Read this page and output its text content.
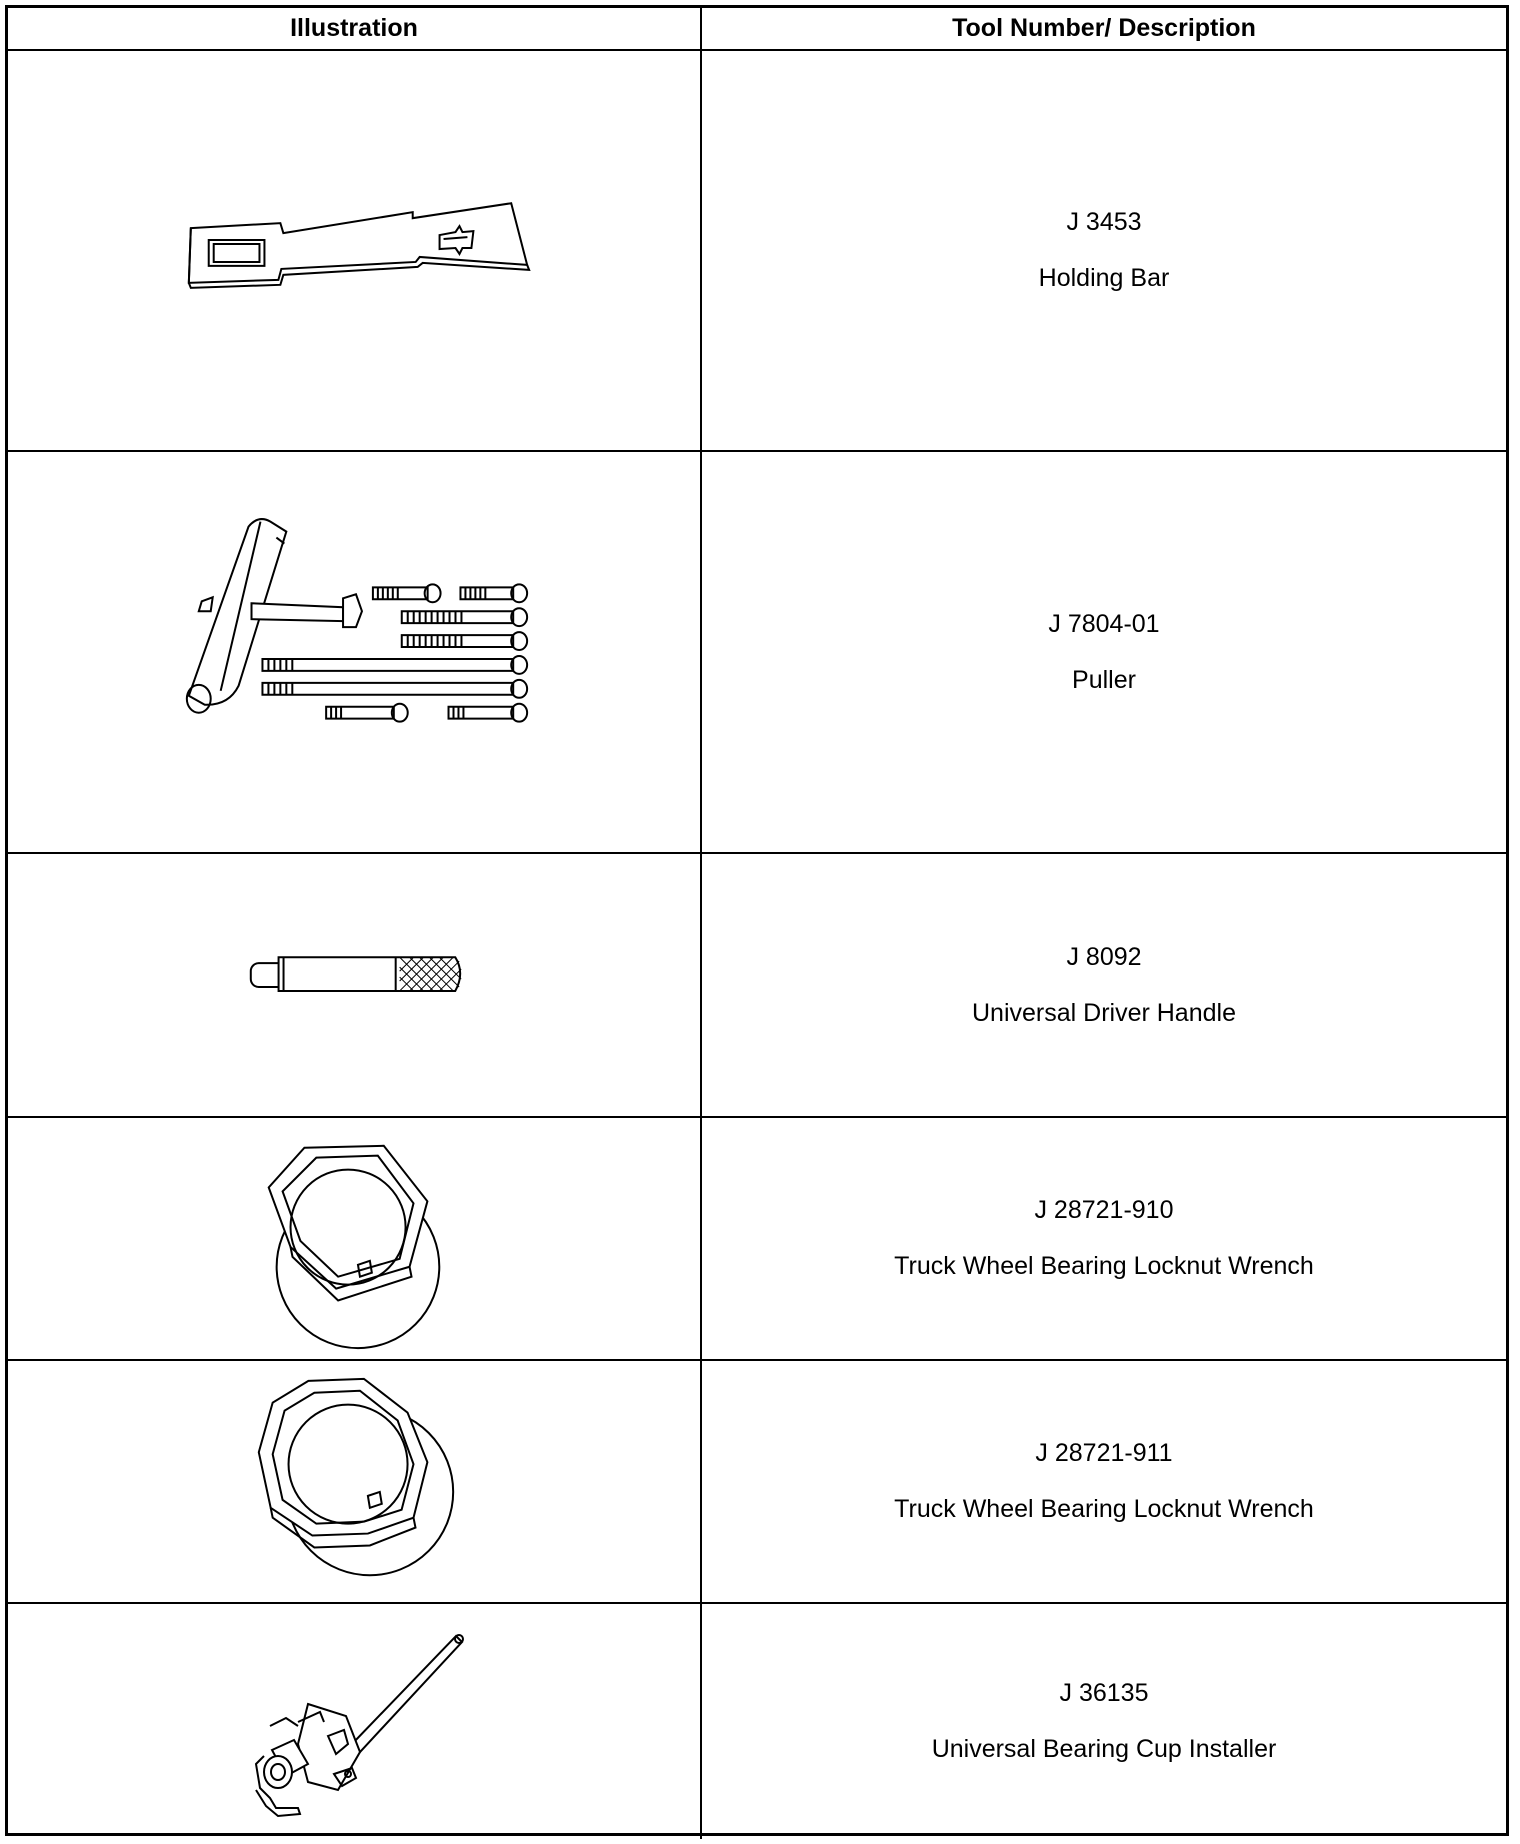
Illustration	Tool Number/ Description
J 3453
Holding Bar
J 7804-01
Puller
J 8092
Universal Driver Handle
J 28721-910
Truck Wheel Bearing Locknut Wrench
J 28721-911
Truck Wheel Bearing Locknut Wrench
J 36135
Universal Bearing Cup Installer
